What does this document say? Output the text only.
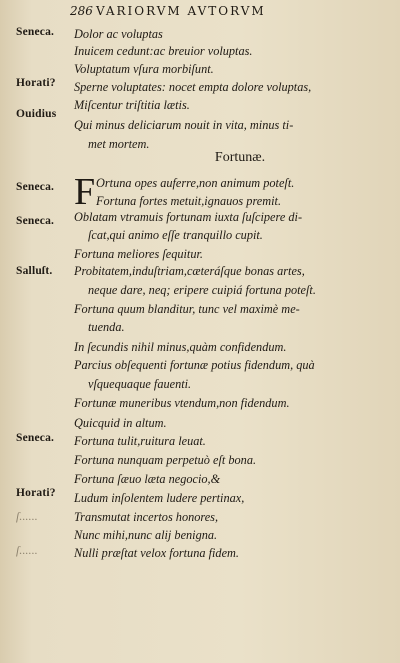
286 VARIORVM AVTORVM
Fortunæ.
F
Seneca.
Horati?
Ouidius
Seneca.
Seneca.
Salluſt.
Seneca.
Horati?
ſ......
ſ......
Dolor ac voluptas
Inuicem cedunt:ac breuior voluptas.
Voluptatum vſura morbiſunt.
Sperne voluptates: nocet empta dolore voluptas,
Miſcentur triſtitia lætis.
Qui minus deliciarum nouit in vita, minus ti-
met mortem.
Ortuna opes auferre,non animum poteſt.
Fortuna fortes metuit,ignauos premit.
Oblatam vtramuis fortunam iuxta ſuſcipere di-
ſcat,qui animo eſſe tranquillo cupit.
Fortuna meliores ſequitur.
Probitatem,induſtriam,cæteráſque bonas artes,
neque dare, neq; eripere cuipiá fortuna poteſt.
Fortuna quum blanditur, tunc vel maximè me-
tuenda.
In ſecundis nihil minus,quàm confidendum.
Parcius obſequenti fortunæ potius fidendum, quà
vſquequaque fauenti.
Fortunæ muneribus vtendum,non fidendum.
Quicquid in altum.
Fortuna tulit,ruitura leuat.
Fortuna nunquam perpetuò eſt bona.
Fortuna ſæuo læta negocio,&
Ludum inſolentem ludere pertinax,
Transmutat incertos honores,
Nunc mihi,nunc alij benigna.
Nulli præſtat velox fortuna fidem.
